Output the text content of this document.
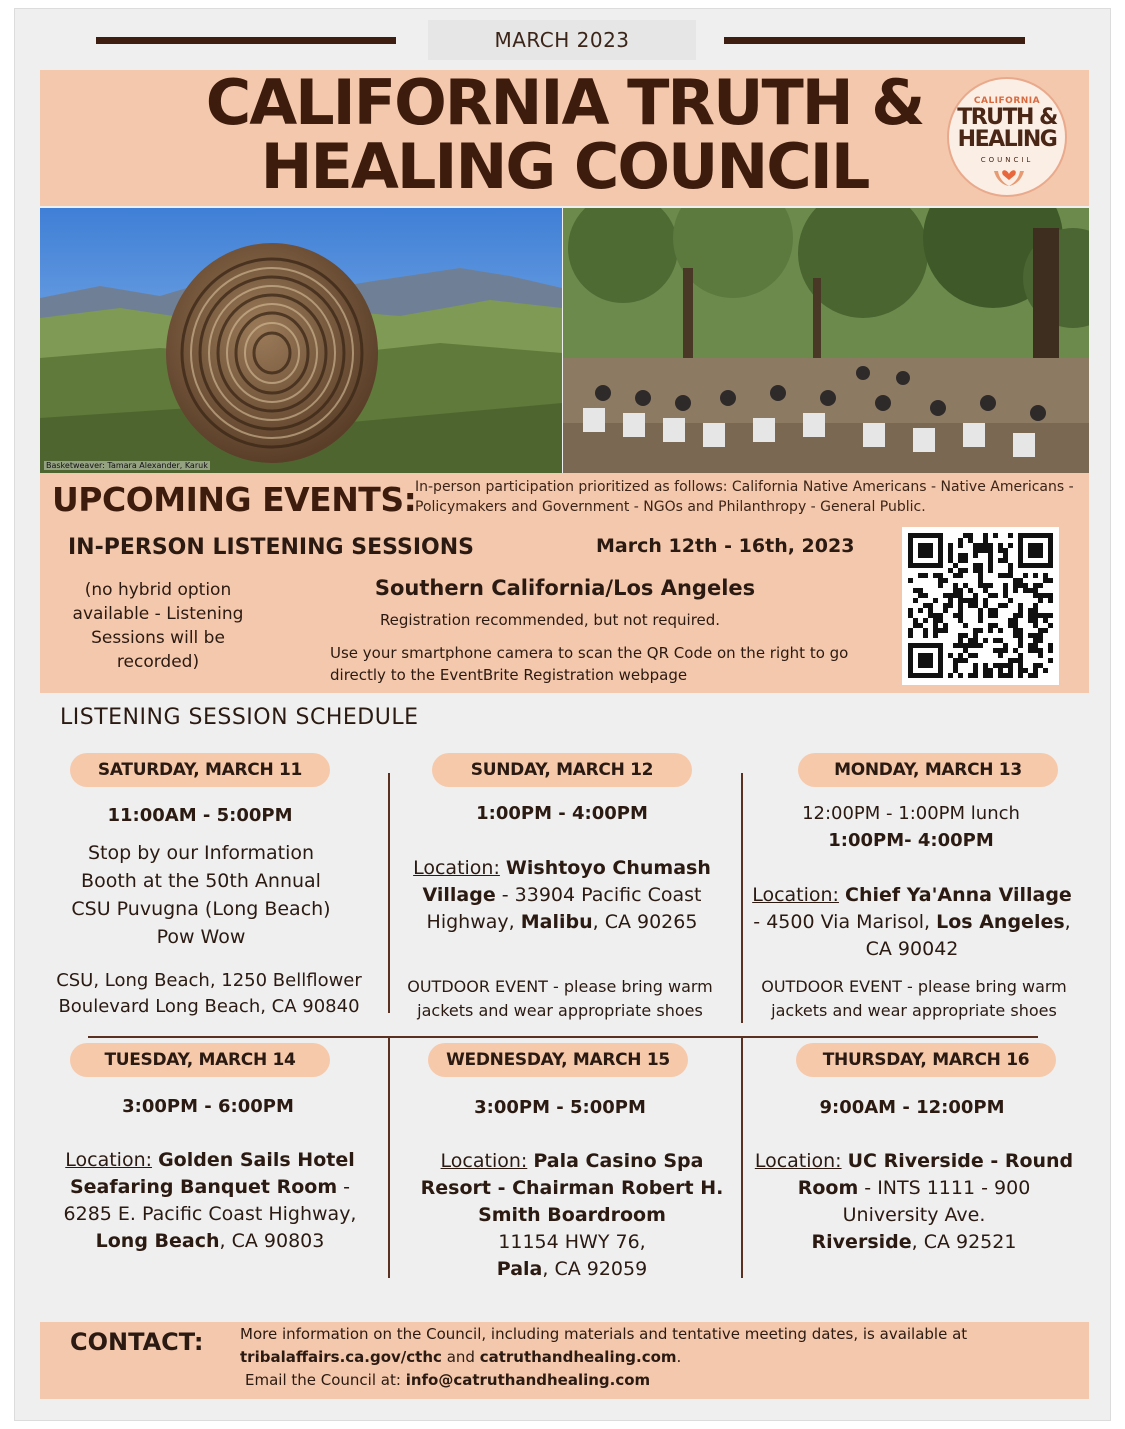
MARCH 2023
CALIFORNIA TRUTH &
HEALING COUNCIL
CALIFORNIA
TRUTH &
HEALING
COUNCIL
Basketweaver: Tamara Alexander, Karuk
UPCOMING EVENTS:
In-person participation prioritized as follows: California Native Americans - Native Americans - Policymakers and Government - NGOs and Philanthropy - General Public.
IN-PERSON LISTENING SESSIONS	March 12th - 16th, 2023
(no hybrid option available - Listening Sessions will be recorded)
Southern California/Los Angeles
Registration recommended, but not required.
Use your smartphone camera to scan the QR Code on the right to go directly to the EventBrite Registration webpage
LISTENING SESSION SCHEDULE
SATURDAY, MARCH 11
11:00AM - 5:00PM
Stop by our Information Booth at the 50th Annual CSU Puvugna (Long Beach) Pow Wow
CSU, Long Beach, 1250 Bellflower Boulevard Long Beach, CA 90840
SUNDAY, MARCH 12
1:00PM - 4:00PM
Location: Wishtoyo Chumash Village - 33904 Pacific Coast Highway, Malibu, CA 90265
OUTDOOR EVENT - please bring warm jackets and wear appropriate shoes
MONDAY, MARCH 13
12:00PM - 1:00PM lunch
1:00PM- 4:00PM
Location: Chief Ya'Anna Village - 4500 Via Marisol, Los Angeles, CA 90042
OUTDOOR EVENT - please bring warm jackets and wear appropriate shoes
TUESDAY, MARCH 14
3:00PM - 6:00PM
Location: Golden Sails Hotel Seafaring Banquet Room - 6285 E. Pacific Coast Highway, Long Beach, CA 90803
WEDNESDAY, MARCH 15
3:00PM - 5:00PM
Location: Pala Casino Spa Resort - Chairman Robert H. Smith Boardroom
11154 HWY 76,
Pala, CA 92059
THURSDAY, MARCH 16
9:00AM - 12:00PM
Location: UC Riverside - Round Room - INTS 1111 - 900 University Ave.
Riverside, CA 92521
CONTACT: More information on the Council, including materials and tentative meeting dates, is available at
tribalaffairs.ca.gov/cthc and catruthandhealing.com.
Email the Council at: info@catruthandhealing.com
